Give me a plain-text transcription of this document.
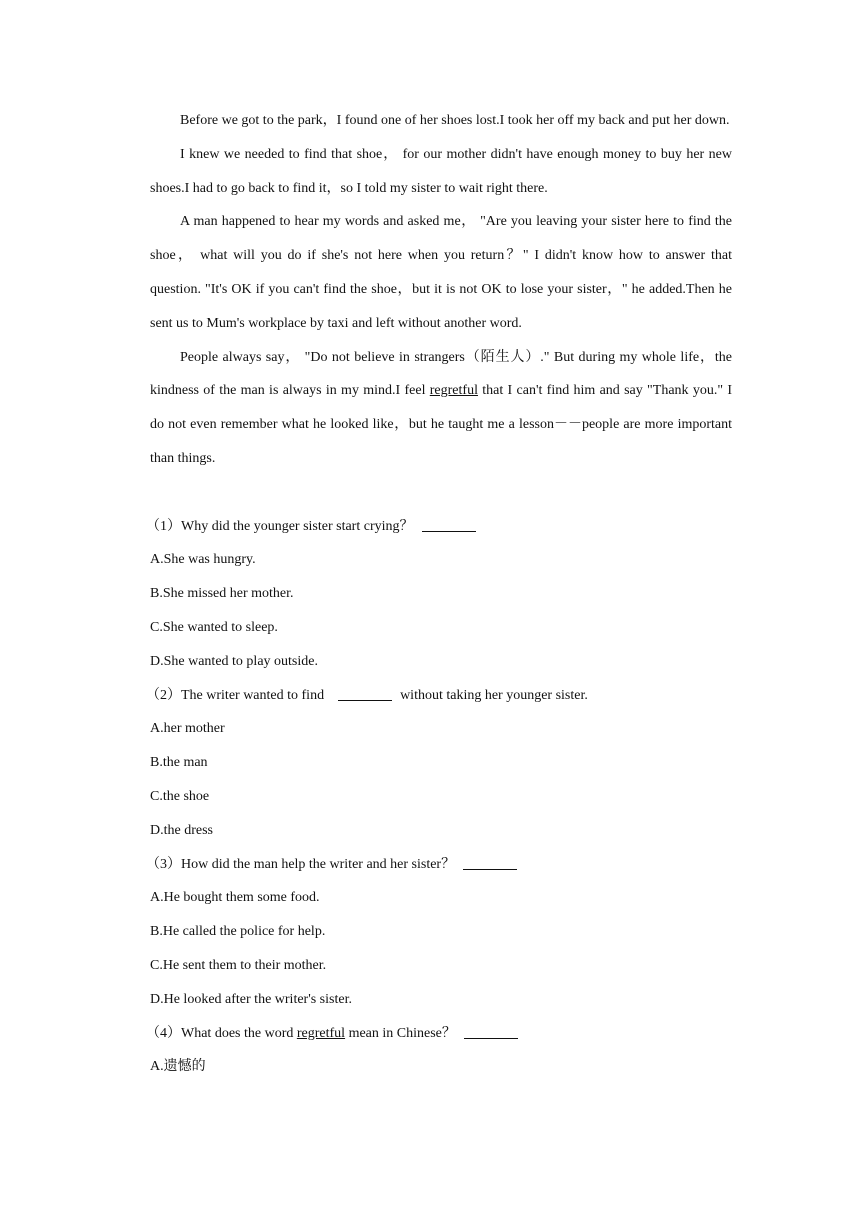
Before we got to the park，I found one of her shoes lost.I took her off my back and put her down.

I knew we needed to find that shoe， for our mother didn't have enough money to buy her new shoes.I had to go back to find it，so I told my sister to wait right there.

A man happened to hear my words and asked me， "Are you leaving your sister here to find the shoe， what will you do if she's not here when you return？" I didn't know how to answer that question. "It's OK if you can't find the shoe，but it is not OK to lose your sister，" he added.Then he sent us to Mum's workplace by taxi and left without another word.

People always say， "Do not believe in strangers（陌生人）." But during my whole life，the kindness of the man is always in my mind.I feel regretful that I can't find him and say "Thank you." I do not even remember what he looked like，but he taught me a lesson－－people are more important than things.

（1）Why did the younger sister start crying？

A.She was hungry.

B.She missed her mother.

C.She wanted to sleep.

D.She wanted to play outside.

（2）The writer wanted to find	without taking her younger sister.

A.her mother

B.the man

C.the shoe

D.the dress

（3）How did the man help the writer and her sister？

A.He bought them some food.

B.He called the police for help.

C.He sent them to their mother.

D.He looked after the writer's sister.

（4）What does the word regretful mean in Chinese？

A.遗憾的
